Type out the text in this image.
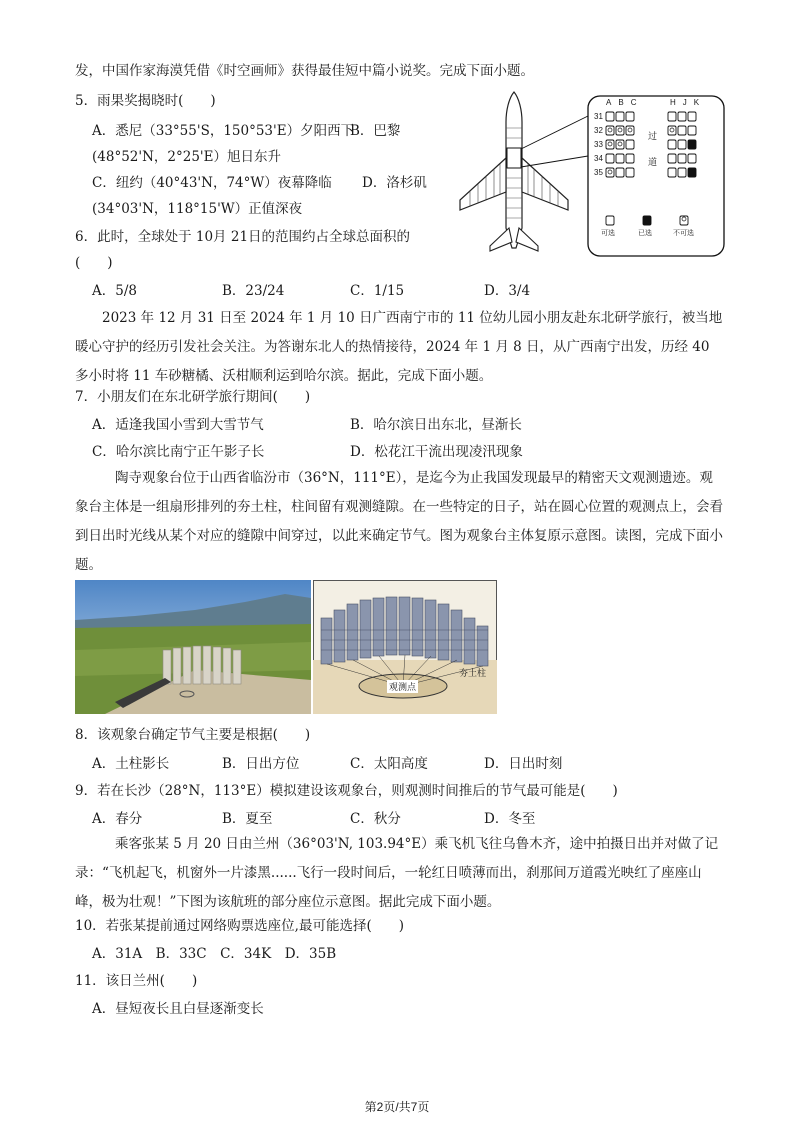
发，中国作家海漠凭借《时空画师》获得最佳短中篇小说奖。完成下面小题。
5．雨果奖揭晓时(　　)
A．悉尼（33°55'S，150°53'E）夕阳西下
B．巴黎
(48°52'N，2°25'E）旭日东升
C．纽约（40°43'N，74°W）夜幕降临 D．洛杉矶
(34°03'N，118°15'W）正值深夜
ABC	HJK
31
32
33
34
35
过
道
可选	已选	不可选
6．此时，全球处于 10月 21日的范围约占全球总面积的
(　　)
A．5/8	B．23/24	C．1/15	D．3/4
2023 年 12 月 31 日至 2024 年 1 月 10 日广西南宁市的 11 位幼儿园小朋友赴东北研学旅行，被当地暖心守护的经历引发社会关注。为答谢东北人的热情接待，2024 年 1 月 8 日，从广西南宁出发，历经 40 多小时将 11 车砂糖橘、沃柑顺利运到哈尔滨。据此，完成下面小题。
7．小朋友们在东北研学旅行期间(　　)
A．适逢我国小雪到大雪节气	B．哈尔滨日出东北，昼渐长
C．哈尔滨比南宁正午影子长	D．松花江干流出现凌汛现象
陶寺观象台位于山西省临汾市（36°N，111°E），是迄今为止我国发现最早的精密天文观测遗迹。观象台主体是一组扇形排列的夯土柱，柱间留有观测缝隙。在一些特定的日子，站在圆心位置的观测点上，会看到日出时光线从某个对应的缝隙中间穿过，以此来确定节气。图为观象台主体复原示意图。读图，完成下面小题。
观测点
夯土柱
8．该观象台确定节气主要是根据(　　)
A．土柱影长	B．日出方位	C．太阳高度	D．日出时刻
9．若在长沙（28°N，113°E）模拟建设该观象台，则观测时间推后的节气最可能是(　　)
A．春分	B．夏至	C．秋分	D．冬至
乘客张某 5 月 20 日由兰州（36°03'N, 103.94°E）乘飞机飞往乌鲁木齐，途中拍摄日出并对做了记录：“飞机起飞，机窗外一片漆黑......飞行一段时间后，一轮红日喷薄而出，刹那间万道霞光映红了座座山峰，极为壮观！”下图为该航班的部分座位示意图。据此完成下面小题。
10．若张某提前通过网络购票选座位,最可能选择(　　)
A．31A　B．33C　C．34K　D．35B
11．该日兰州(　　)
A．昼短夜长且白昼逐渐变长
第2页/共7页
